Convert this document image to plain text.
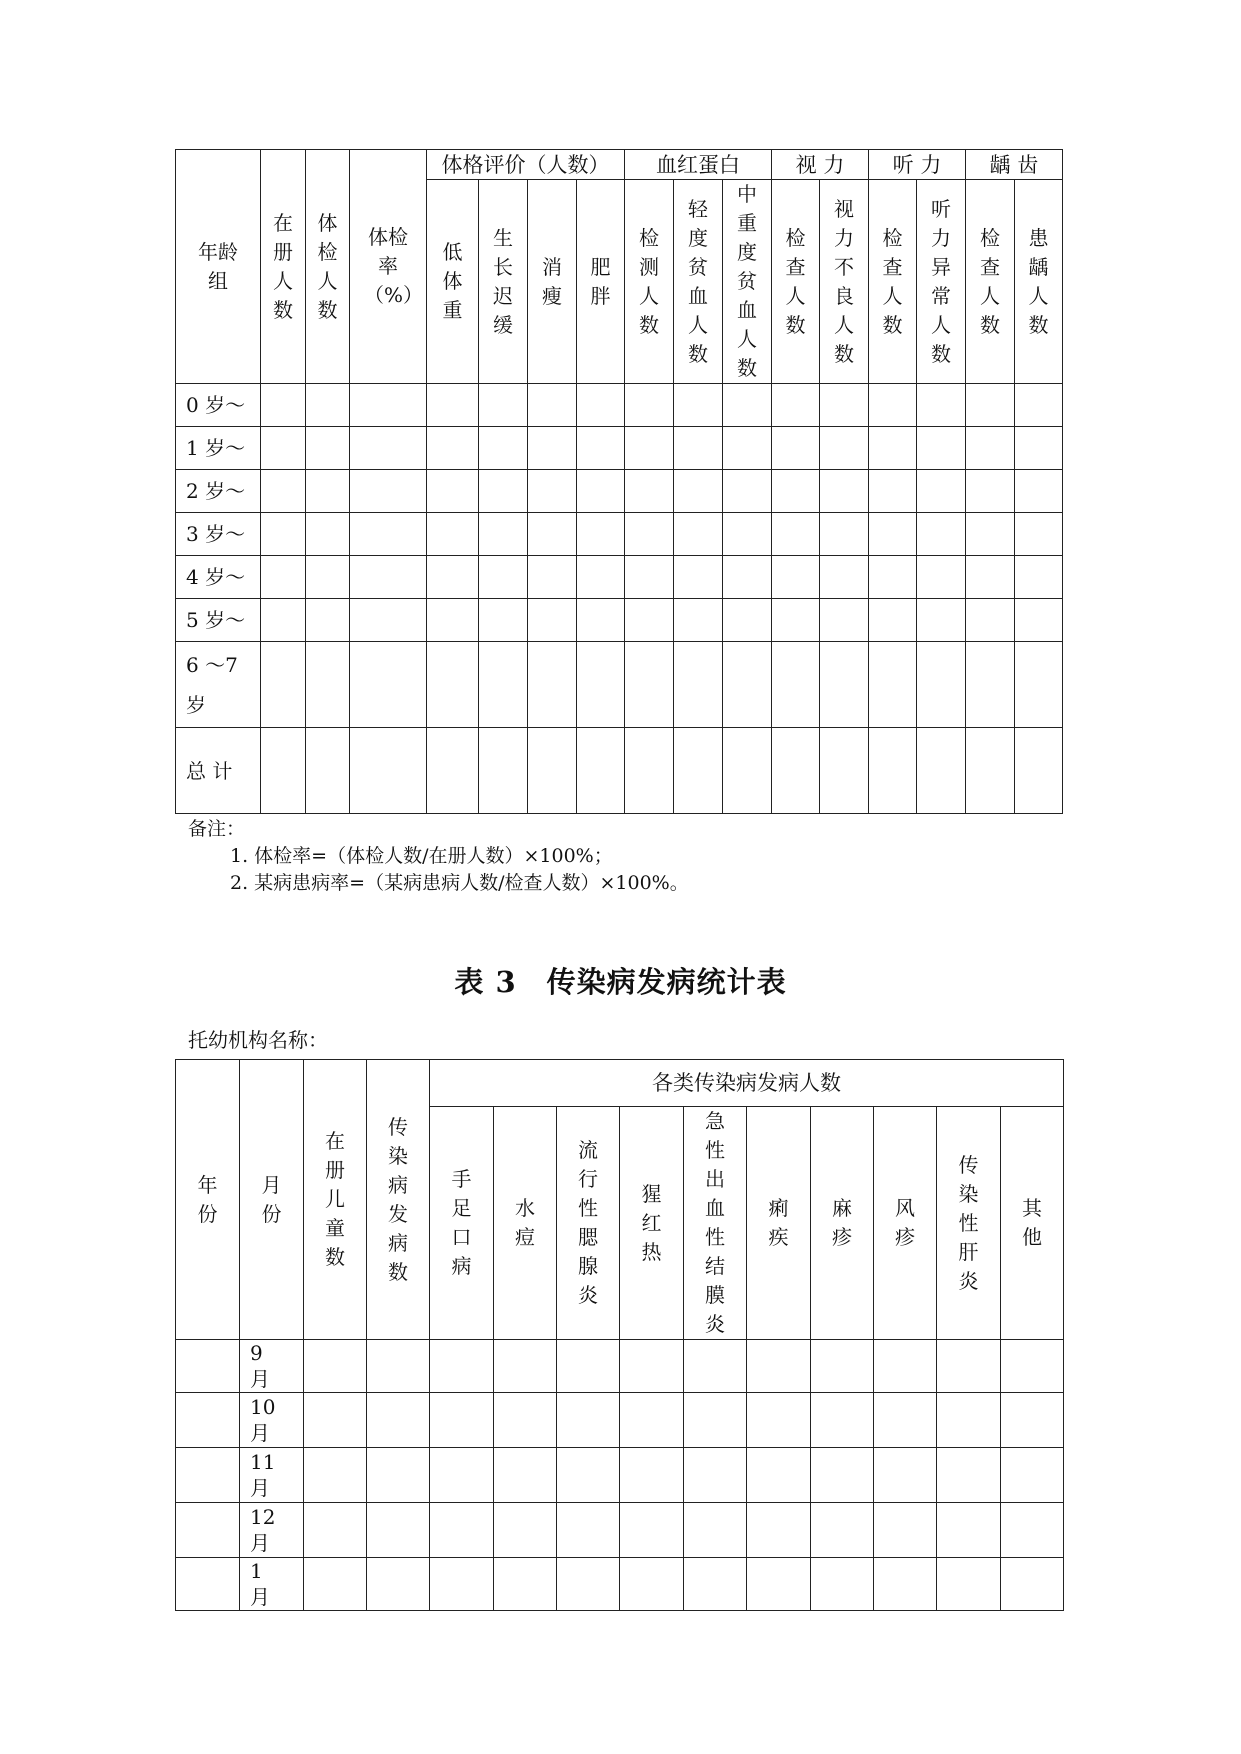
年龄组	在册人数	体检人数	体检率（%）	体格评价（人数）				血红蛋白			视 力		听 力		龋 齿	
				低体重	生长迟缓	消瘦	肥胖	检测人数	轻度贫血人数	中重度贫血人数	检查人数	视力不良人数	检查人数	听力异常人数	检查人数	患龋人数
0 岁～																
1 岁～																
2 岁～																
3 岁～																
4 岁～																
5 岁～																
6 ～7 岁																
总 计																
备注：
1. 体检率=（体检人数/在册人数）×100%；
2. 某病患病率=（某病患病人数/检查人数）×100%。
表 3　传染病发病统计表
托幼机构名称：
年份	月份	在册儿童数	传染病发病数	各类传染病发病人数									
				手足口病	水痘	流行性腮腺炎	猩红热	急性出血性结膜炎	痢疾	麻疹	风疹	传染性肝炎	其他
	9月												
	10月												
	11月												
	12月												
	1月												
